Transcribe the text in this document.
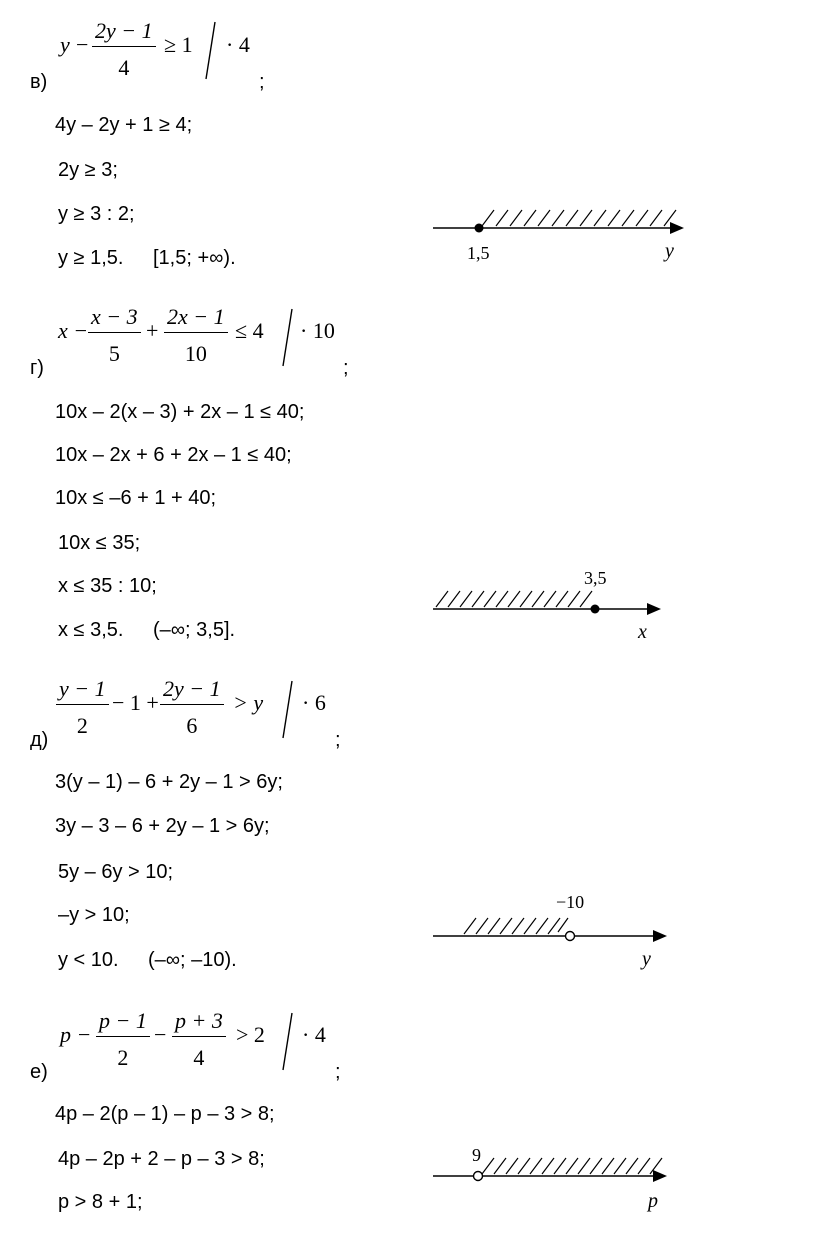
$y - \frac{2y - 1}{4} \ge 1 \cdot 4$
в)	;
4y – 2y + 1 ≥ 4;
2y ≥ 3;
y ≥ 3 : 2;
y ≥ 1,5. [1,5; +∞).
$x - \frac{x - 3}{5} + \frac{2x - 1}{10} \le 4 \cdot 10$
г)	;
10x – 2(x – 3) + 2x – 1 ≤ 40;
10x – 2x + 6 + 2x – 1 ≤ 40;
10x ≤ –6 + 1 + 40;
10x ≤ 35;
x ≤ 35 : 10;
x ≤ 3,5. (–∞; 3,5].
$\frac{y - 1}{2} - 1 + \frac{2y - 1}{6} > y \cdot 6$
д)	;
3(y – 1) – 6 + 2y – 1 > 6y;
3y – 3 – 6 + 2y – 1 > 6y;
5y – 6y > 10;
–y > 10;
y < 10. (–∞; –10).
$p - \frac{p - 1}{2} - \frac{p + 3}{4} > 2 \cdot 4$
е)	;
4p – 2(p – 1) – p – 3 > 8;
4p – 2p + 2 – p – 3 > 8;
p > 8 + 1;
1,5	y
3,5
x
−10
y
9
p
